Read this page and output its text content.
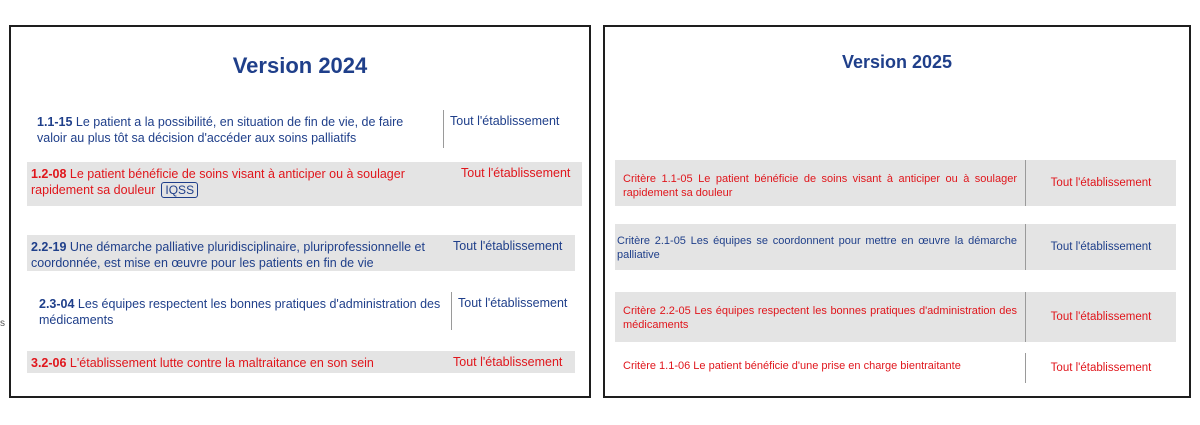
s
Version 2024
1.1-15 Le patient a la possibilité, en situation de fin de vie, de faire valoir au plus tôt sa décision d'accéder aux soins palliatifs
Tout l'établissement
1.2-08 Le patient bénéficie de soins visant à anticiper ou à soulager rapidement sa douleur IQSS
Tout l'établissement
2.2-19 Une démarche palliative pluridisciplinaire, pluriprofessionnelle et coordonnée, est mise en œuvre pour les patients en fin de vie
Tout l'établissement
2.3-04 Les équipes respectent les bonnes pratiques d'administration des médicaments
Tout l'établissement
3.2-06 L'établissement lutte contre la maltraitance en son sein	Tout l'établissement
Version 2025
Critère 1.1-05 Le patient bénéficie de soins visant à anticiper ou à soulager rapidement sa douleur
Tout l'établissement
Critère 2.1-05 Les équipes se coordonnent pour mettre en œuvre la démarche palliative
Tout l'établissement
Critère 2.2-05 Les équipes respectent les bonnes pratiques d'administration des médicaments
Tout l'établissement
Critère 1.1-06 Le patient bénéficie d'une prise en charge bientraitante	Tout l'établissement
